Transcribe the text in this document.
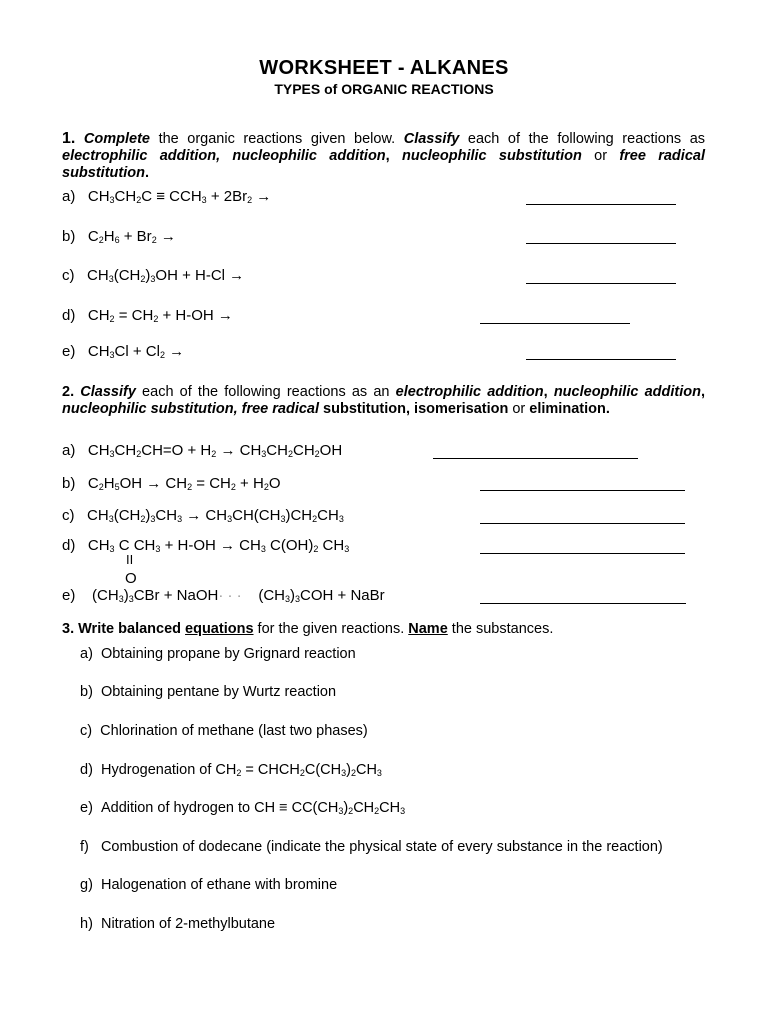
WORKSHEET - ALKANES
TYPES of ORGANIC REACTIONS
1. Complete the organic reactions given below. Classify each of the following reactions as electrophilic addition, nucleophilic addition, nucleophilic substitution or free radical substitution.
a) $CH_3CH_2C \equiv CCH_3 + 2Br_2$ →
b) $C_2H_6 + Br_2$ →
c) $CH_3(CH_2)_3OH + H-Cl$ →
d) $CH_2 = CH_2 + H-OH$ →
e) $CH_3Cl + Cl_2$ →
2. Classify each of the following reactions as an electrophilic addition, nucleophilic addition, nucleophilic substitution, free radical substitution, isomerisation or elimination.
a) $CH_3CH_2CH=O + H_2 \to CH_3CH_2CH_2OH$
b) $C_2H_5OH \to CH_2 = CH_2 + H_2O$
c) $CH_3(CH_2)_3CH_3 \to CH_3CH(CH_3)CH_2CH_3$
d) $CH_3$ C $CH_3 + H-OH \to CH_3$ $C(OH)_2$ $CH_3$
II
O
e) $(CH_3)_3CBr$ + NaOH· · · $(CH_3)_3COH$ + NaBr
3. Write balanced equations for the given reactions. Name the substances.
a) Obtaining propane by Grignard reaction
b) Obtaining pentane by Wurtz reaction
c) Chlorination of methane (last two phases)
d) Hydrogenation of $CH_2$ = $CHCH_2C(CH_3)_2CH_3$
e) Addition of hydrogen to CH ≡ $CC(CH_3)_2CH_2CH_3$
f) Combustion of dodecane (indicate the physical state of every substance in the reaction)
g) Halogenation of ethane with bromine
h) Nitration of 2-methylbutane
